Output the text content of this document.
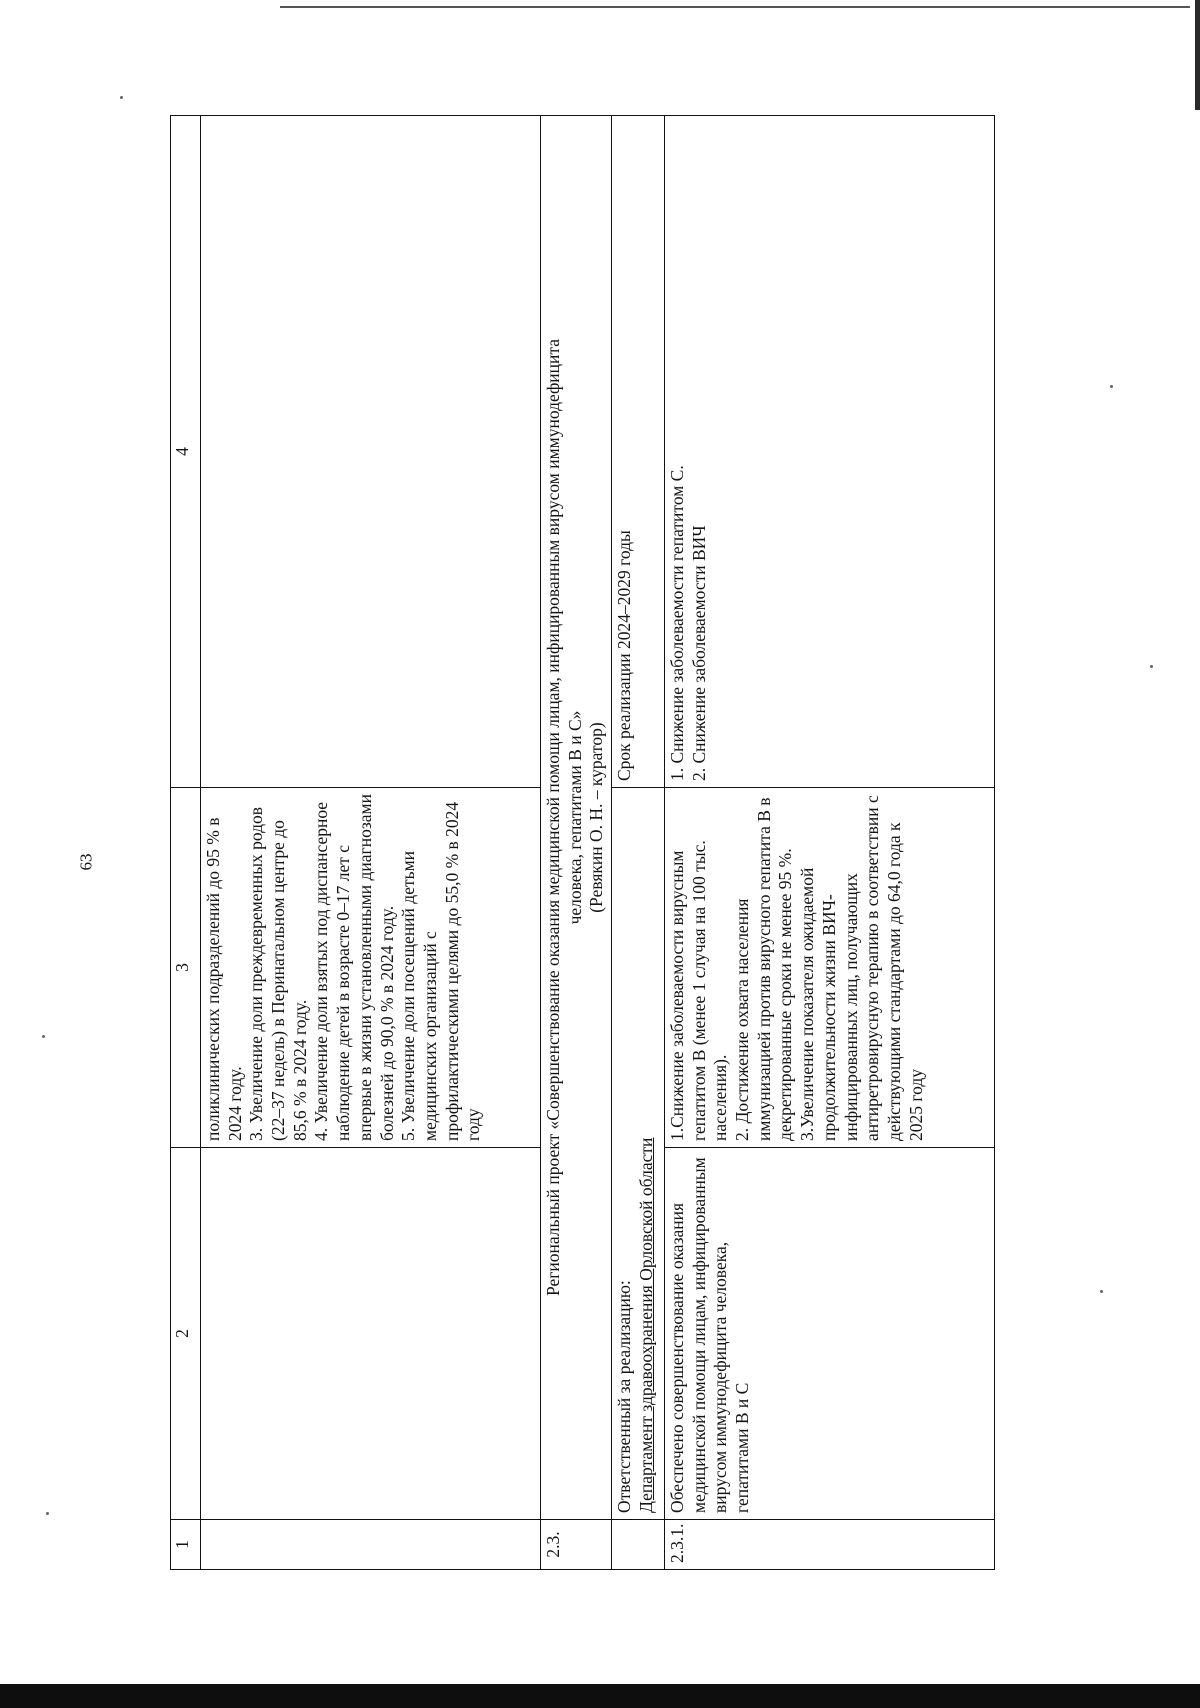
63
1	2	3	4

		поликлинических подразделений до 95 % в 2024 году. 3. Увеличение доли преждевременных родов (22–37 недель) в Перинатальном центре до 85,6 % в 2024 году. 4. Увеличение доли взятых под диспансерное наблюдение детей в возрасте 0–17 лет с впервые в жизни установленными диагнозами болезней до 90,0 % в 2024 году. 5. Увеличение доли посещений детьми медицинских организаций с профилактическими целями до 55,0 % в 2024 году	

2.3.	Региональный проект «Совершенствование оказания медицинской помощи лицам, инфицированным вирусом иммунодефицита человека, гепатитами В и С» (Ревякин О. Н. – куратор)		

	Ответственный за реализацию: Департамент здравоохранения Орловской области		Срок реализации 2024–2029 годы
2.3.1.	Обеспечено совершенствование оказания медицинской помощи лицам, инфицированным вирусом иммунодефицита человека, гепатитами В и С	1.Снижение заболеваемости вирусным гепатитом В (менее 1 случая на 100 тыс. населения). 2. Достижение охвата населения иммунизацией против вирусного гепатита В в декретированные сроки не менее 95 %. 3.Увеличение показателя ожидаемой продолжительности жизни ВИЧ-инфицированных лиц, получающих антиретровирусную терапию в соответствии с действующими стандартами до 64,0 года к 2025 году	1. Снижение заболеваемости гепатитом С. 2. Снижение заболеваемости ВИЧ
